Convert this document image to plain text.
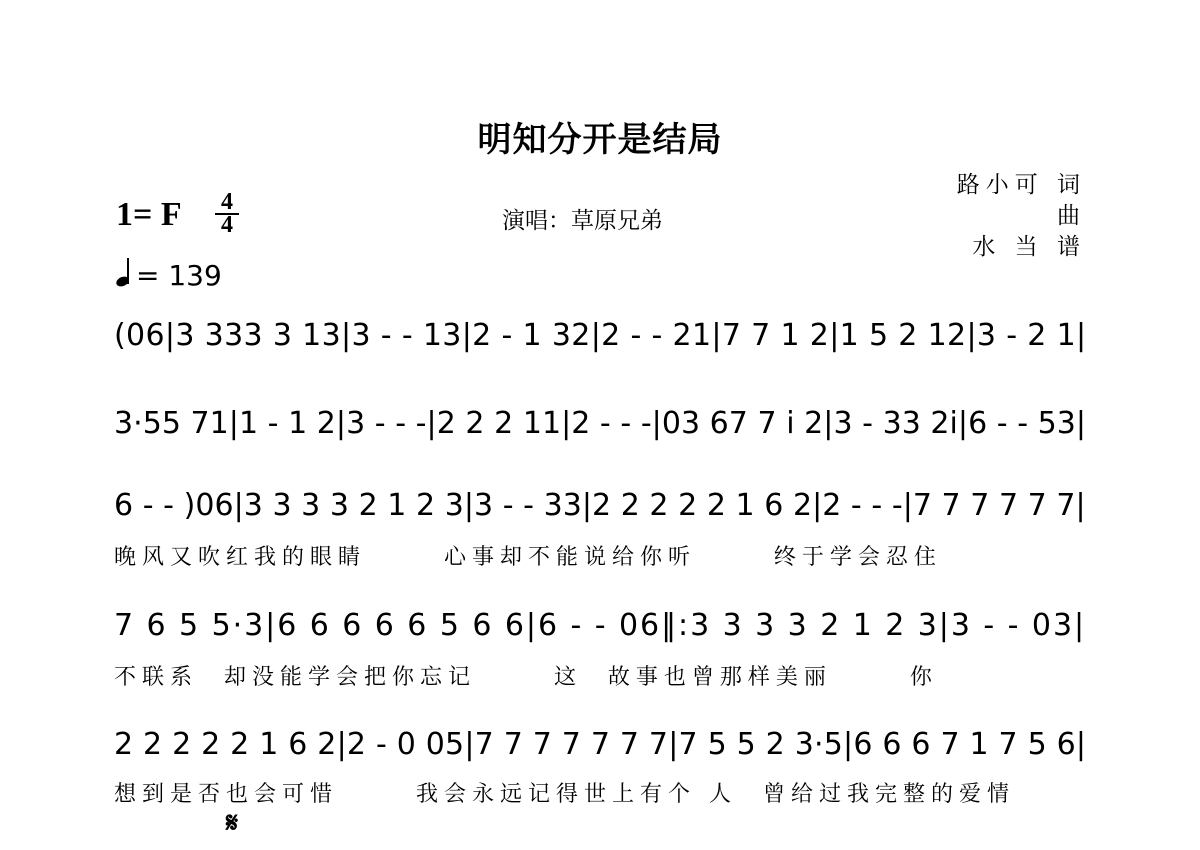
明知分开是结局
1= F 4
4
= 139
演唱：草原兄弟
路小可 词
曲
水 当 谱
(06|3 333 3 13|3 - - 13|2 - 1 32|2 - - 21|7 7 1 2|1 5 2 12|3 - 2 1|
3·55 71|1 - 1 2|3 - - -|2 2 2 11|2 - - -|03 67 7 i 2|3 - 33 2i|6 - - 53|
6 - - )06|3 3 3 3 2 1 2 3|3 - - 33|2 2 2 2 2 1 6 2|2 - - -|7 7 7 7 7 7|
晚风又吹红我的眼睛      心事却不能说给你听      终于学会忍住
7 6 5 5·3|6 6 6 6 6 5 6 6|6 - - 06‖:3 3 3 3 2 1 2 3|3 - - 03|
不联系  却没能学会把你忘记      这  故事也曾那样美丽      你
2 2 2 2 2 1 6 2|2 - 0 05|7 7 7 7 7 7 7|7 5 5 2 3·5|6 6 6 7 1 7 5 6|
想到是否也会可惜      我会永远记得世上有个 人  曾给过我完整的爱情
𝄋
